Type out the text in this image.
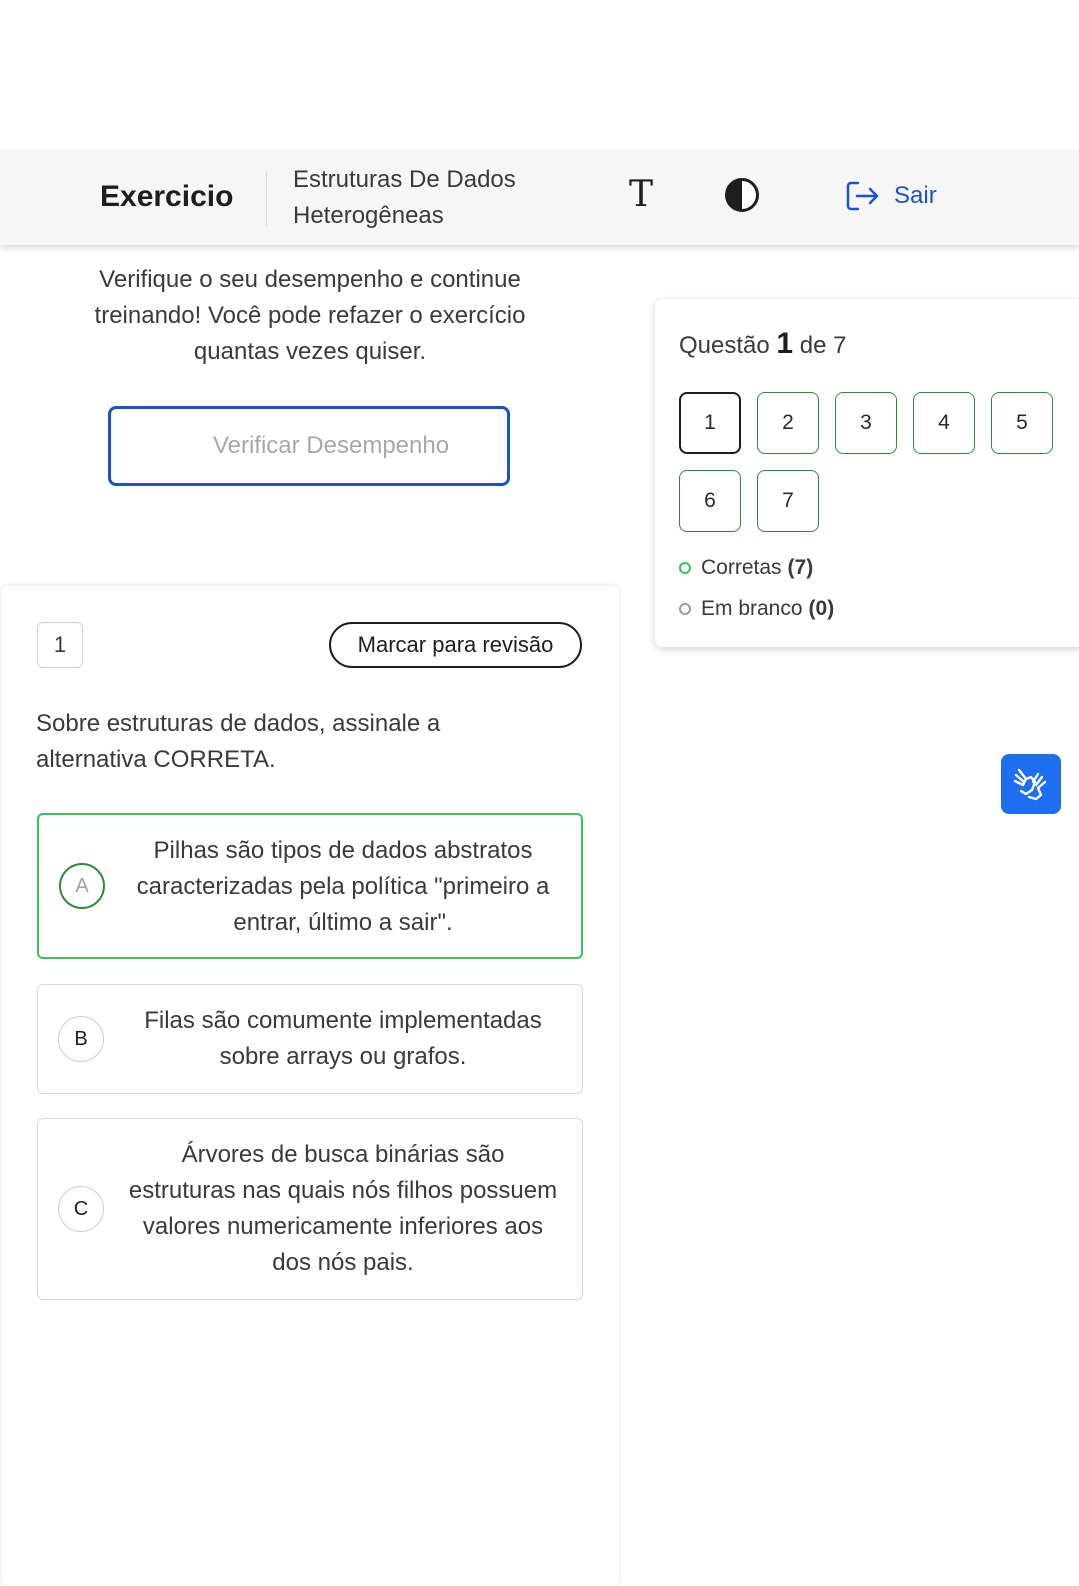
Exercicio
Estruturas De Dados
Heterogêneas
T	Sair
Verifique o seu desempenho e continue treinando! Você pode refazer o exercício quantas vezes quiser.
Verificar Desempenho
1	Marcar para revisão
Sobre estruturas de dados, assinale a alternativa CORRETA.
A
Pilhas são tipos de dados abstratos caracterizadas pela política "primeiro a entrar, último a sair".
B
Filas são comumente implementadas sobre arrays ou grafos.
C
Árvores de busca binárias são estruturas nas quais nós filhos possuem valores numericamente inferiores aos dos nós pais.
Questão 1 de 7
1	2	3	4	5
6	7
Corretas (7)
Em branco (0)
